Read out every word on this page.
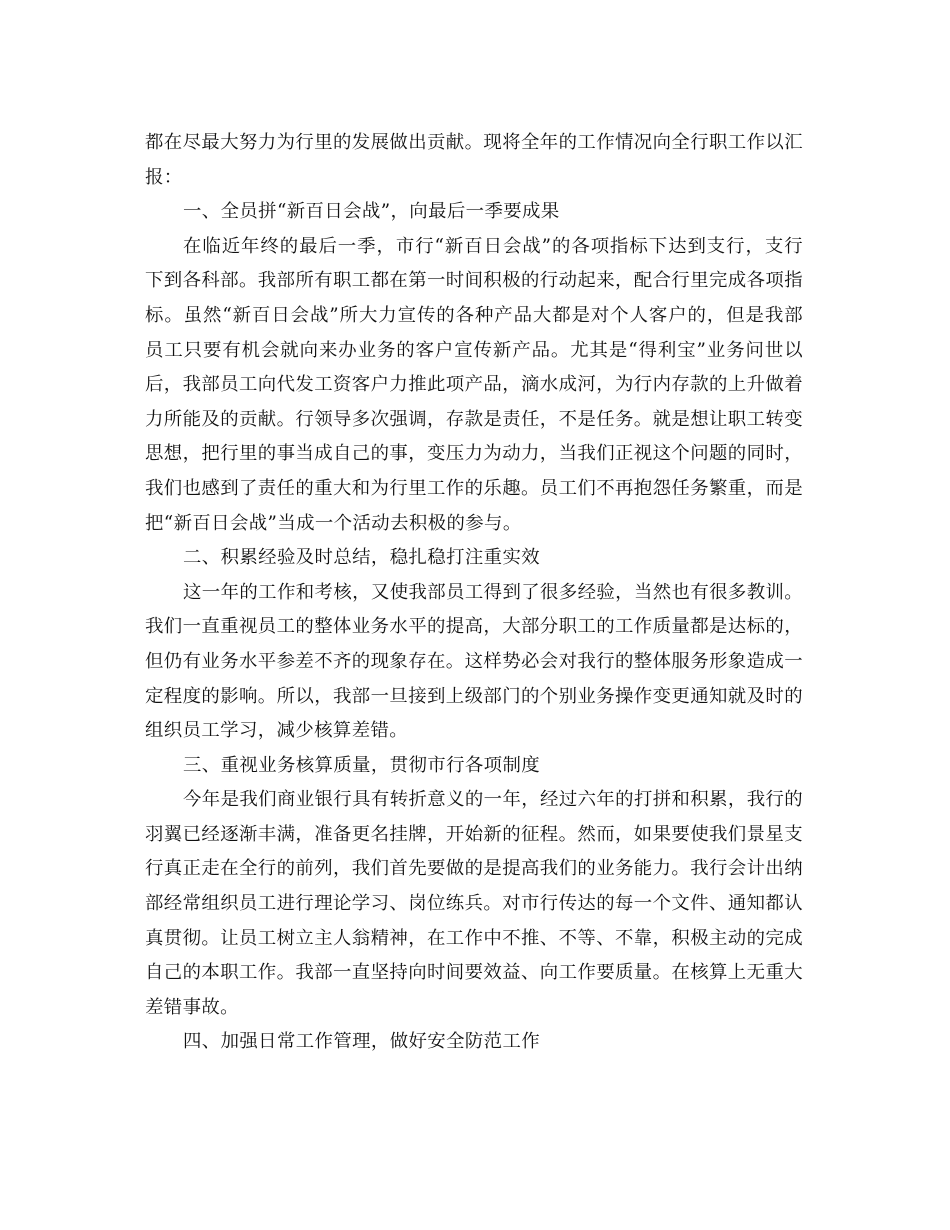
都在尽最大努力为行里的发展做出贡献。现将全年的工作情况向全行职工作以汇
报：
一、全员拼“新百日会战”，向最后一季要成果
在临近年终的最后一季，市行“新百日会战”的各项指标下达到支行，支行
下到各科部。我部所有职工都在第一时间积极的行动起来，配合行里完成各项指
标。虽然“新百日会战”所大力宣传的各种产品大都是对个人客户的，但是我部
员工只要有机会就向来办业务的客户宣传新产品。尤其是“得利宝”业务问世以
后，我部员工向代发工资客户力推此项产品，滴水成河，为行内存款的上升做着
力所能及的贡献。行领导多次强调，存款是责任，不是任务。就是想让职工转变
思想，把行里的事当成自己的事，变压力为动力，当我们正视这个问题的同时，
我们也感到了责任的重大和为行里工作的乐趣。员工们不再抱怨任务繁重，而是
把“新百日会战”当成一个活动去积极的参与。
二、积累经验及时总结，稳扎稳打注重实效
这一年的工作和考核，又使我部员工得到了很多经验，当然也有很多教训。
我们一直重视员工的整体业务水平的提高，大部分职工的工作质量都是达标的，
但仍有业务水平参差不齐的现象存在。这样势必会对我行的整体服务形象造成一
定程度的影响。所以，我部一旦接到上级部门的个别业务操作变更通知就及时的
组织员工学习，减少核算差错。
三、重视业务核算质量，贯彻市行各项制度
今年是我们商业银行具有转折意义的一年，经过六年的打拼和积累，我行的
羽翼已经逐渐丰满，准备更名挂牌，开始新的征程。然而，如果要使我们景星支
行真正走在全行的前列，我们首先要做的是提高我们的业务能力。我行会计出纳
部经常组织员工进行理论学习、岗位练兵。对市行传达的每一个文件、通知都认
真贯彻。让员工树立主人翁精神，在工作中不推、不等、不靠，积极主动的完成
自己的本职工作。我部一直坚持向时间要效益、向工作要质量。在核算上无重大
差错事故。
四、加强日常工作管理，做好安全防范工作
